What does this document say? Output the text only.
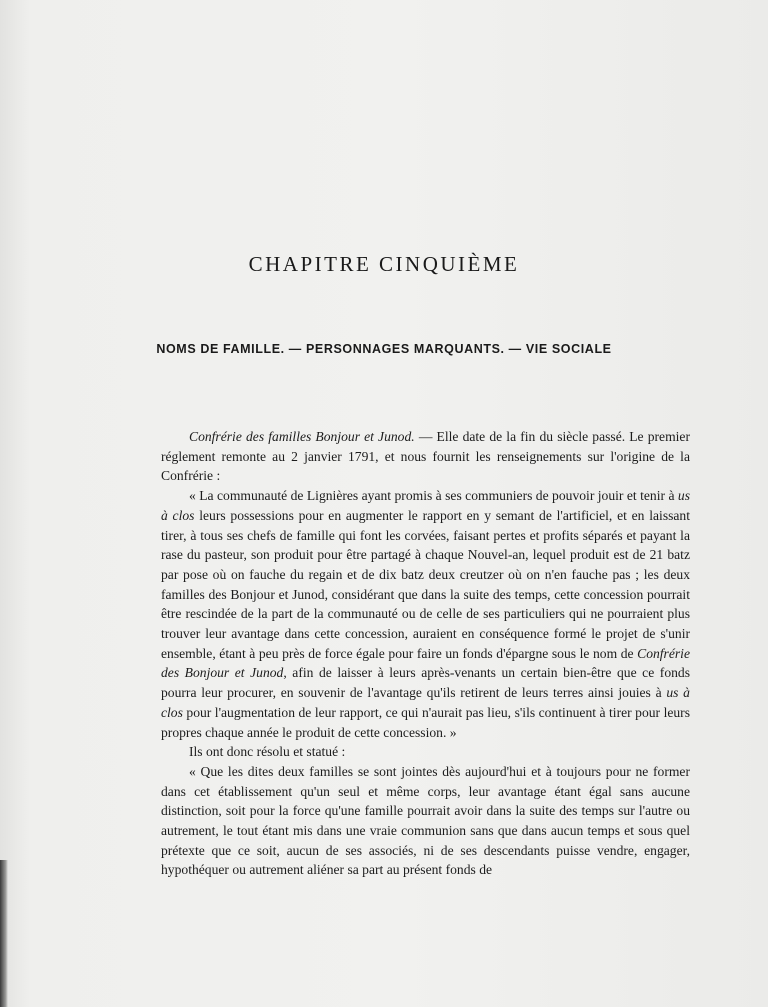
CHAPITRE CINQUIÈME
NOMS DE FAMILLE. — PERSONNAGES MARQUANTS. — VIE SOCIALE

Confrérie des familles Bonjour et Junod. — Elle date de la fin du siècle passé. Le premier réglement remonte au 2 janvier 1791, et nous fournit les renseignements sur l'origine de la Confrérie :

« La communauté de Lignières ayant promis à ses communiers de pouvoir jouir et tenir à us à clos leurs possessions pour en augmenter le rapport en y semant de l'artificiel, et en laissant tirer, à tous ses chefs de famille qui font les corvées, faisant pertes et profits séparés et payant la rase du pasteur, son produit pour être partagé à chaque Nouvel-an, lequel produit est de 21 batz par pose où on fauche du regain et de dix batz deux creutzer où on n'en fauche pas ; les deux familles des Bonjour et Junod, considérant que dans la suite des temps, cette concession pourrait être rescindée de la part de la communauté ou de celle de ses particuliers qui ne pourraient plus trouver leur avantage dans cette concession, auraient en conséquence formé le projet de s'unir ensemble, étant à peu près de force égale pour faire un fonds d'épargne sous le nom de Confrérie des Bonjour et Junod, afin de laisser à leurs après-venants un certain bien-être que ce fonds pourra leur procurer, en souvenir de l'avantage qu'ils retirent de leurs terres ainsi jouies à us à clos pour l'augmentation de leur rapport, ce qui n'aurait pas lieu, s'ils continuent à tirer pour leurs propres chaque année le produit de cette concession. »

Ils ont donc résolu et statué :

« Que les dites deux familles se sont jointes dès aujourd'hui et à toujours pour ne former dans cet établissement qu'un seul et même corps, leur avantage étant égal sans aucune distinction, soit pour la force qu'une famille pourrait avoir dans la suite des temps sur l'autre ou autrement, le tout étant mis dans une vraie communion sans que dans aucun temps et sous quel prétexte que ce soit, aucun de ses associés, ni de ses descendants puisse vendre, engager, hypothéquer ou autrement aliéner sa part au présent fonds de
